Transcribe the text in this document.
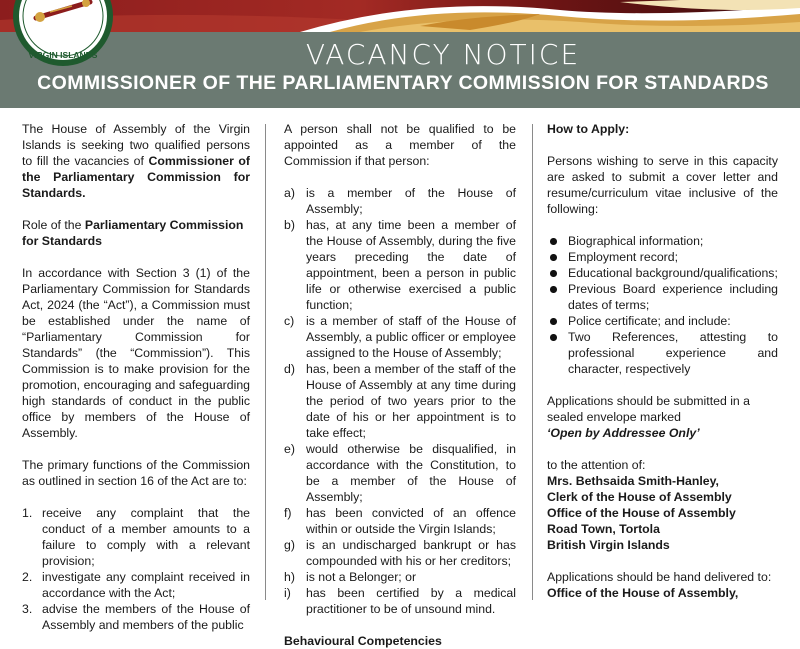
VIRGIN ISLANDS	VACANCY NOTICE
COMMISSIONER OF THE PARLIAMENTARY COMMISSION FOR STANDARDS

The House of Assembly of the Virgin Islands is seeking two qualified persons to fill the vacancies of Commissioner of the Parliamentary Commission for Standards.

Role of the Parliamentary Commission for Standards

In accordance with Section 3 (1) of the Parliamentary Commission for Standards Act, 2024 (the “Act”), a Commission must be established under the name of “Parliamentary Commission for Standards” (the “Commission”). This Commission is to make provision for the promotion, encouraging and safeguarding high standards of conduct in the public office by members of the House of Assembly.

The primary functions of the Commission as outlined in section 16 of the Act are to:

1. receive any complaint that the conduct of a member amounts to a failure to comply with a relevant provision;
2. investigate any complaint received in accordance with the Act;
3. advise the members of the House of Assembly and members of the public

A person shall not be qualified to be appointed as a member of the Commission if that person:

a) is a member of the House of Assembly;
b) has, at any time been a member of the House of Assembly, during the five years preceding the date of appointment, been a person in public life or otherwise exercised a public function;
c) is a member of staff of the House of Assembly, a public officer or employee assigned to the House of Assembly;
d) has, been a member of the staff of the House of Assembly at any time during the period of two years prior to the date of his or her appointment is to take effect;
e) would otherwise be disqualified, in accordance with the Constitution, to be a member of the House of Assembly;
f) has been convicted of an offence within or outside the Virgin Islands;
g) is an undischarged bankrupt or has compounded with his or her creditors;
h) is not a Belonger; or
i) has been certified by a medical practitioner to be of unsound mind.

Behavioural Competencies

How to Apply:

Persons wishing to serve in this capacity are asked to submit a cover letter and resume/curriculum vitae inclusive of the following:

Biographical information;
Employment record;
Educational background/qualifications;
Previous Board experience including dates of terms;
Police certificate; and include:
Two References, attesting to professional experience and character, respectively

Applications should be submitted in a sealed envelope marked

‘Open by Addressee Only’

to the attention of:

Mrs. Bethsaida Smith-Hanley,
Clerk of the House of Assembly
Office of the House of Assembly
Road Town, Tortola
British Virgin Islands

Applications should be hand delivered to:

Office of the House of Assembly,
